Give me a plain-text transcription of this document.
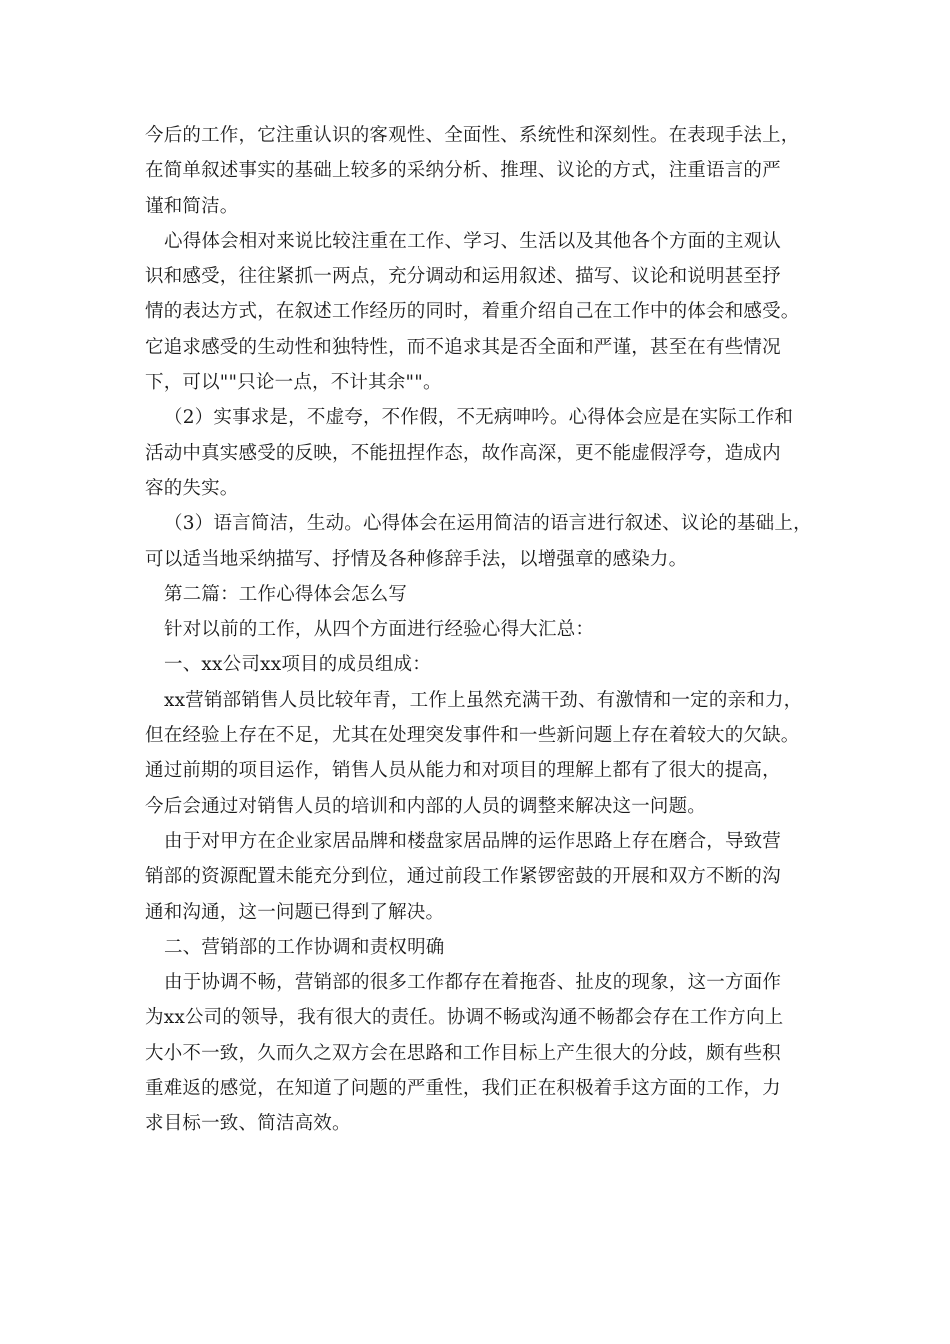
今后的工作，它注重认识的客观性、全面性、系统性和深刻性。在表现手法上，
在简单叙述事实的基础上较多的采纳分析、推理、议论的方式，注重语言的严
谨和简洁。
心得体会相对来说比较注重在工作、学习、生活以及其他各个方面的主观认
识和感受，往往紧抓一两点，充分调动和运用叙述、描写、议论和说明甚至抒
情的表达方式，在叙述工作经历的同时，着重介绍自己在工作中的体会和感受。
它追求感受的生动性和独特性，而不追求其是否全面和严谨，甚至在有些情况
下，可以""只论一点，不计其余""。
（2）实事求是，不虚夸，不作假，不无病呻吟。心得体会应是在实际工作和
活动中真实感受的反映，不能扭捏作态，故作高深，更不能虚假浮夸，造成内
容的失实。
（3）语言简洁，生动。心得体会在运用简洁的语言进行叙述、议论的基础上，
可以适当地采纳描写、抒情及各种修辞手法，以增强章的感染力。
第二篇：工作心得体会怎么写
针对以前的工作，从四个方面进行经验心得大汇总：
一、xx公司xx项目的成员组成：
xx营销部销售人员比较年青，工作上虽然充满干劲、有激情和一定的亲和力，
但在经验上存在不足，尤其在处理突发事件和一些新问题上存在着较大的欠缺。
通过前期的项目运作，销售人员从能力和对项目的理解上都有了很大的提高，
今后会通过对销售人员的培训和内部的人员的调整来解决这一问题。
由于对甲方在企业家居品牌和楼盘家居品牌的运作思路上存在磨合，导致营
销部的资源配置未能充分到位，通过前段工作紧锣密鼓的开展和双方不断的沟
通和沟通，这一问题已得到了解决。
二、营销部的工作协调和责权明确
由于协调不畅，营销部的很多工作都存在着拖沓、扯皮的现象，这一方面作
为xx公司的领导，我有很大的责任。协调不畅或沟通不畅都会存在工作方向上
大小不一致，久而久之双方会在思路和工作目标上产生很大的分歧，颇有些积
重难返的感觉，在知道了问题的严重性，我们正在积极着手这方面的工作，力
求目标一致、简洁高效。
